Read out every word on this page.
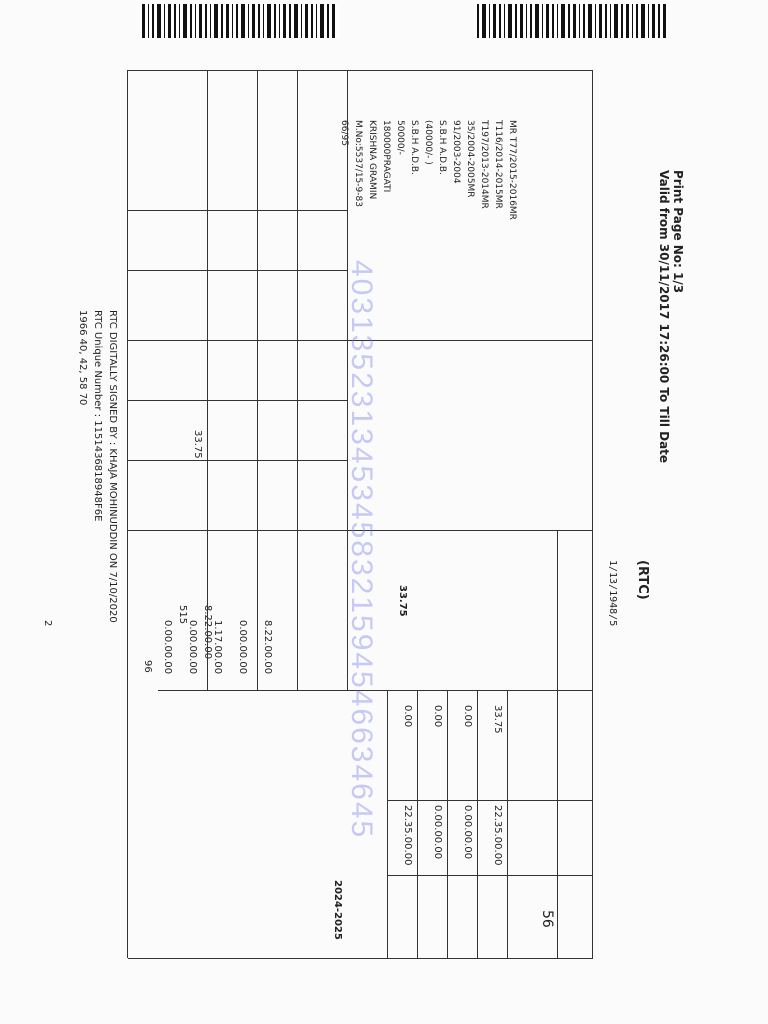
Print Page No: 1/3
Valid from 30/11/2017 17:26:00 To Till Date
(RTC)
1/13/1948/5
2
56
22.35.00.00
0.00.00.00
0.00.00.00
22.35.00.00
33.75
0.00
0.00
0.00
33.75
33.75
8.22.00.00
515
96
MR T77/2015-2016MR
T116/2014-2015MR
T197/2013-2014MR
35/2004-2005MR
91/2003-2004
S.B.H A.D.B.
(40000/- )
S.B.H A.D.B.
50000/-
180000PRAGATI
KRISHNA GRAMIN
M.No:5537/15-9-83
66/95
8.22.00.00
0.00.00.00
1.17.00.00
0.00.00.00
0.00.00.00
2024-2025
RTC DIGITALLY SIGNED BY : KHAJA MOHINUDDIN ON 7/10/2020
RTC Unique Number : 1151436818948F6E
1966 40, 42, 58 70	4031352313453458321594546634645
